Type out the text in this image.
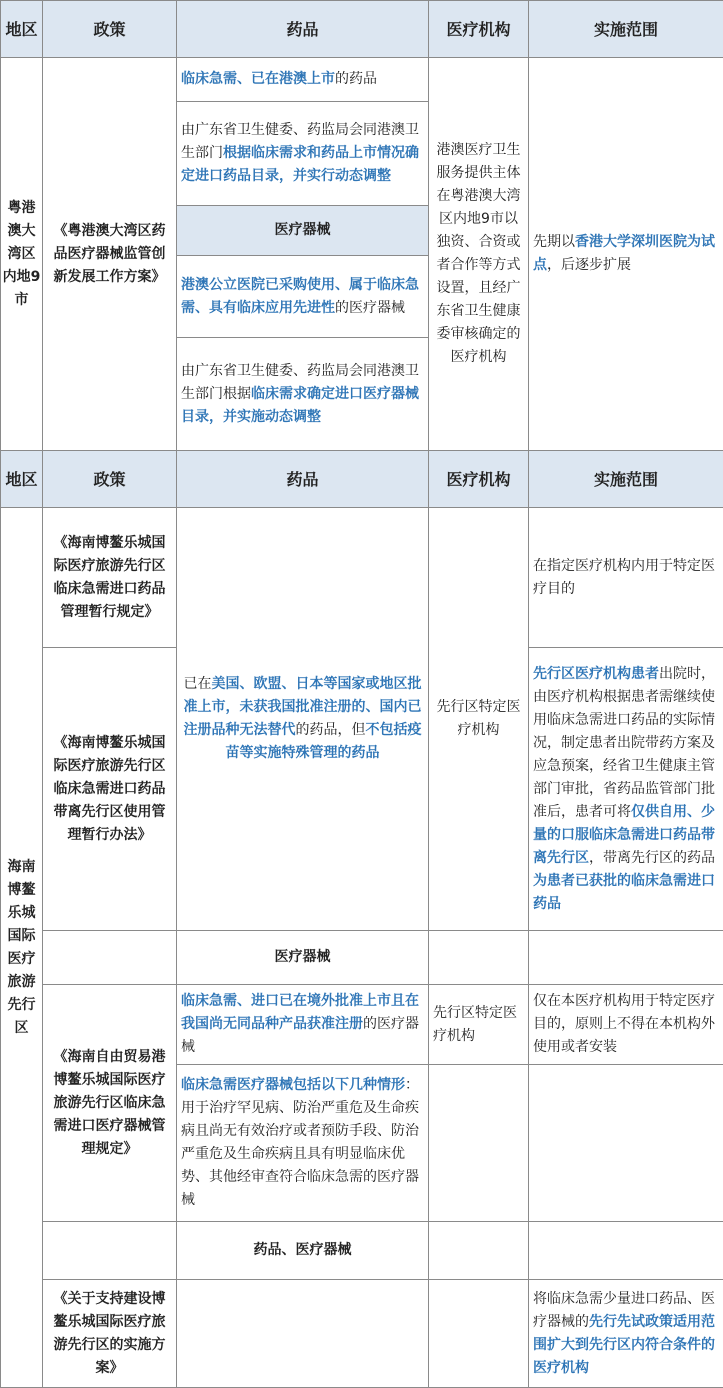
地区	政策	药品	医疗机构	实施范围
粤港澳大湾区内地9市	《粤港澳大湾区药品医疗器械监管创新发展工作方案》	临床急需、已在港澳上市的药品	港澳医疗卫生服务提供主体在粤港澳大湾区内地9市以独资、合资或者合作等方式设置，且经广东省卫生健康委审核确定的医疗机构	先期以香港大学深圳医院为试点，后逐步扩展
		由广东省卫生健委、药监局会同港澳卫生部门根据临床需求和药品上市情况确定进口药品目录，并实行动态调整		
		医疗器械		
		港澳公立医院已采购使用、属于临床急需、具有临床应用先进性的医疗器械		
		由广东省卫生健委、药监局会同港澳卫生部门根据临床需求确定进口医疗器械目录，并实施动态调整		
地区	政策	药品	医疗机构	实施范围
海南博鳌乐城国际医疗旅游先行区	《海南博鳌乐城国际医疗旅游先行区临床急需进口药品管理暂行规定》	已在美国、欧盟、日本等国家或地区批准上市，未获我国批准注册的、国内已注册品种无法替代的药品，但不包括疫苗等实施特殊管理的药品	先行区特定医疗机构	在指定医疗机构内用于特定医疗目的
	《海南博鳌乐城国际医疗旅游先行区临床急需进口药品带离先行区使用管理暂行办法》			先行区医疗机构患者出院时，由医疗机构根据患者需继续使用临床急需进口药品的实际情况，制定患者出院带药方案及应急预案，经省卫生健康主管部门审批，省药品监管部门批准后，患者可将仅供自用、少量的口服临床急需进口药品带离先行区，带离先行区的药品为患者已获批的临床急需进口药品
		医疗器械		
	《海南自由贸易港博鳌乐城国际医疗旅游先行区临床急需进口医疗器械管理规定》	临床急需、进口已在境外批准上市且在我国尚无同品种产品获准注册的医疗器械	先行区特定医疗机构	仅在本医疗机构用于特定医疗目的，原则上不得在本机构外使用或者安装
		临床急需医疗器械包括以下几种情形：用于治疗罕见病、防治严重危及生命疾病且尚无有效治疗或者预防手段、防治严重危及生命疾病且具有明显临床优势、其他经审查符合临床急需的医疗器械		
		药品、医疗器械		
	《关于支持建设博鳌乐城国际医疗旅游先行区的实施方案》			将临床急需少量进口药品、医疗器械的先行先试政策适用范围扩大到先行区内符合条件的医疗机构
